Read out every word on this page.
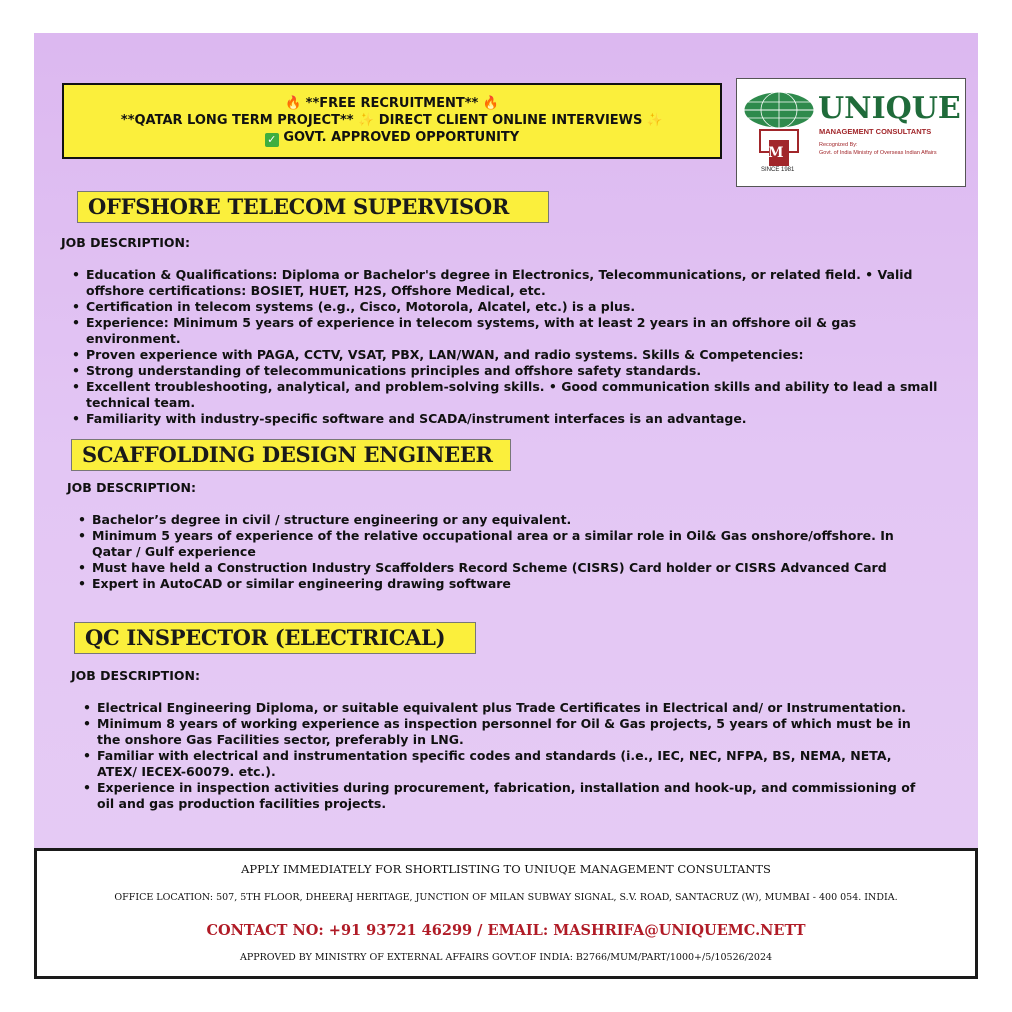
🔥 **FREE RECRUITMENT** 🔥
**QATAR LONG TERM PROJECT** ✨ DIRECT CLIENT ONLINE INTERVIEWS ✨
✓ GOVT. APPROVED OPPORTUNITY
M
UNIQUE
MANAGEMENT CONSULTANTS
Recognized By:
Govt. of India Ministry of Overseas Indian Affairs
SINCE 1981
OFFSHORE TELECOM SUPERVISOR
JOB DESCRIPTION:
• Education & Qualifications: Diploma or Bachelor's degree in Electronics, Telecommunications, or related field. • Valid offshore certifications: BOSIET, HUET, H2S, Offshore Medical, etc.
• Certification in telecom systems (e.g., Cisco, Motorola, Alcatel, etc.) is a plus.
• Experience: Minimum 5 years of experience in telecom systems, with at least 2 years in an offshore oil & gas environment.
• Proven experience with PAGA, CCTV, VSAT, PBX, LAN/WAN, and radio systems. Skills & Competencies:
• Strong understanding of telecommunications principles and offshore safety standards.
• Excellent troubleshooting, analytical, and problem-solving skills. • Good communication skills and ability to lead a small technical team.
• Familiarity with industry-specific software and SCADA/instrument interfaces is an advantage.
SCAFFOLDING DESIGN ENGINEER
JOB DESCRIPTION:
• Bachelor’s degree in civil / structure engineering or any equivalent.
• Minimum 5 years of experience of the relative occupational area or a similar role in Oil& Gas onshore/offshore. In Qatar / Gulf experience
• Must have held a Construction Industry Scaffolders Record Scheme (CISRS) Card holder or CISRS Advanced Card
• Expert in AutoCAD or similar engineering drawing software
QC INSPECTOR (ELECTRICAL)
JOB DESCRIPTION:
• Electrical Engineering Diploma, or suitable equivalent plus Trade Certificates in Electrical and/ or Instrumentation.
• Minimum 8 years of working experience as inspection personnel for Oil & Gas projects, 5 years of which must be in the onshore Gas Facilities sector, preferably in LNG.
• Familiar with electrical and instrumentation specific codes and standards (i.e., IEC, NEC, NFPA, BS, NEMA, NETA, ATEX/ IECEX-60079. etc.).
• Experience in inspection activities during procurement, fabrication, installation and hook-up, and commissioning of oil and gas production facilities projects.
APPLY IMMEDIATELY FOR SHORTLISTING TO UNIUQE MANAGEMENT CONSULTANTS
OFFICE LOCATION: 507, 5TH FLOOR, DHEERAJ HERITAGE, JUNCTION OF MILAN SUBWAY SIGNAL, S.V. ROAD, SANTACRUZ (W), MUMBAI - 400 054. INDIA.
CONTACT NO: +91 93721 46299 / EMAIL: MASHRIFA@UNIQUEMC.NETT
APPROVED BY MINISTRY OF EXTERNAL AFFAIRS GOVT.OF INDIA: B2766/MUM/PART/1000+/5/10526/2024
